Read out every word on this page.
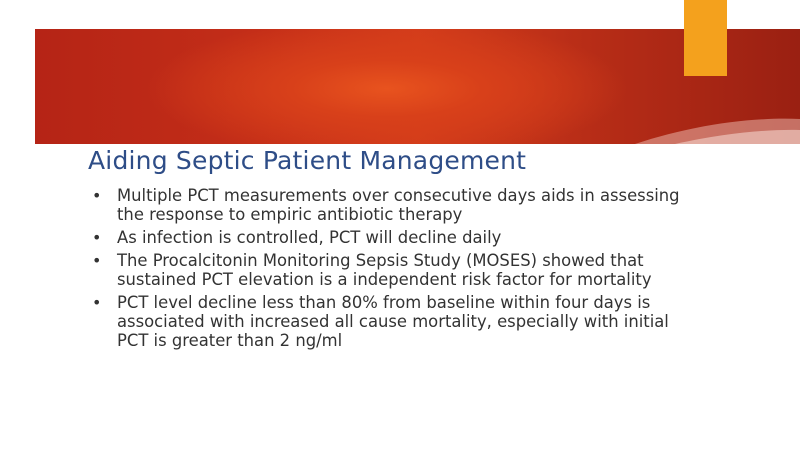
Aiding Septic Patient Management
• Multiple PCT measurements over consecutive days aids in assessing the response to empiric antibiotic therapy
• As infection is controlled, PCT will decline daily
• The Procalcitonin Monitoring Sepsis Study (MOSES) showed that sustained PCT elevation is a independent risk factor for mortality
• PCT level decline less than 80% from baseline within four days is associated with increased all cause mortality, especially with initial PCT is greater than 2 ng/ml
